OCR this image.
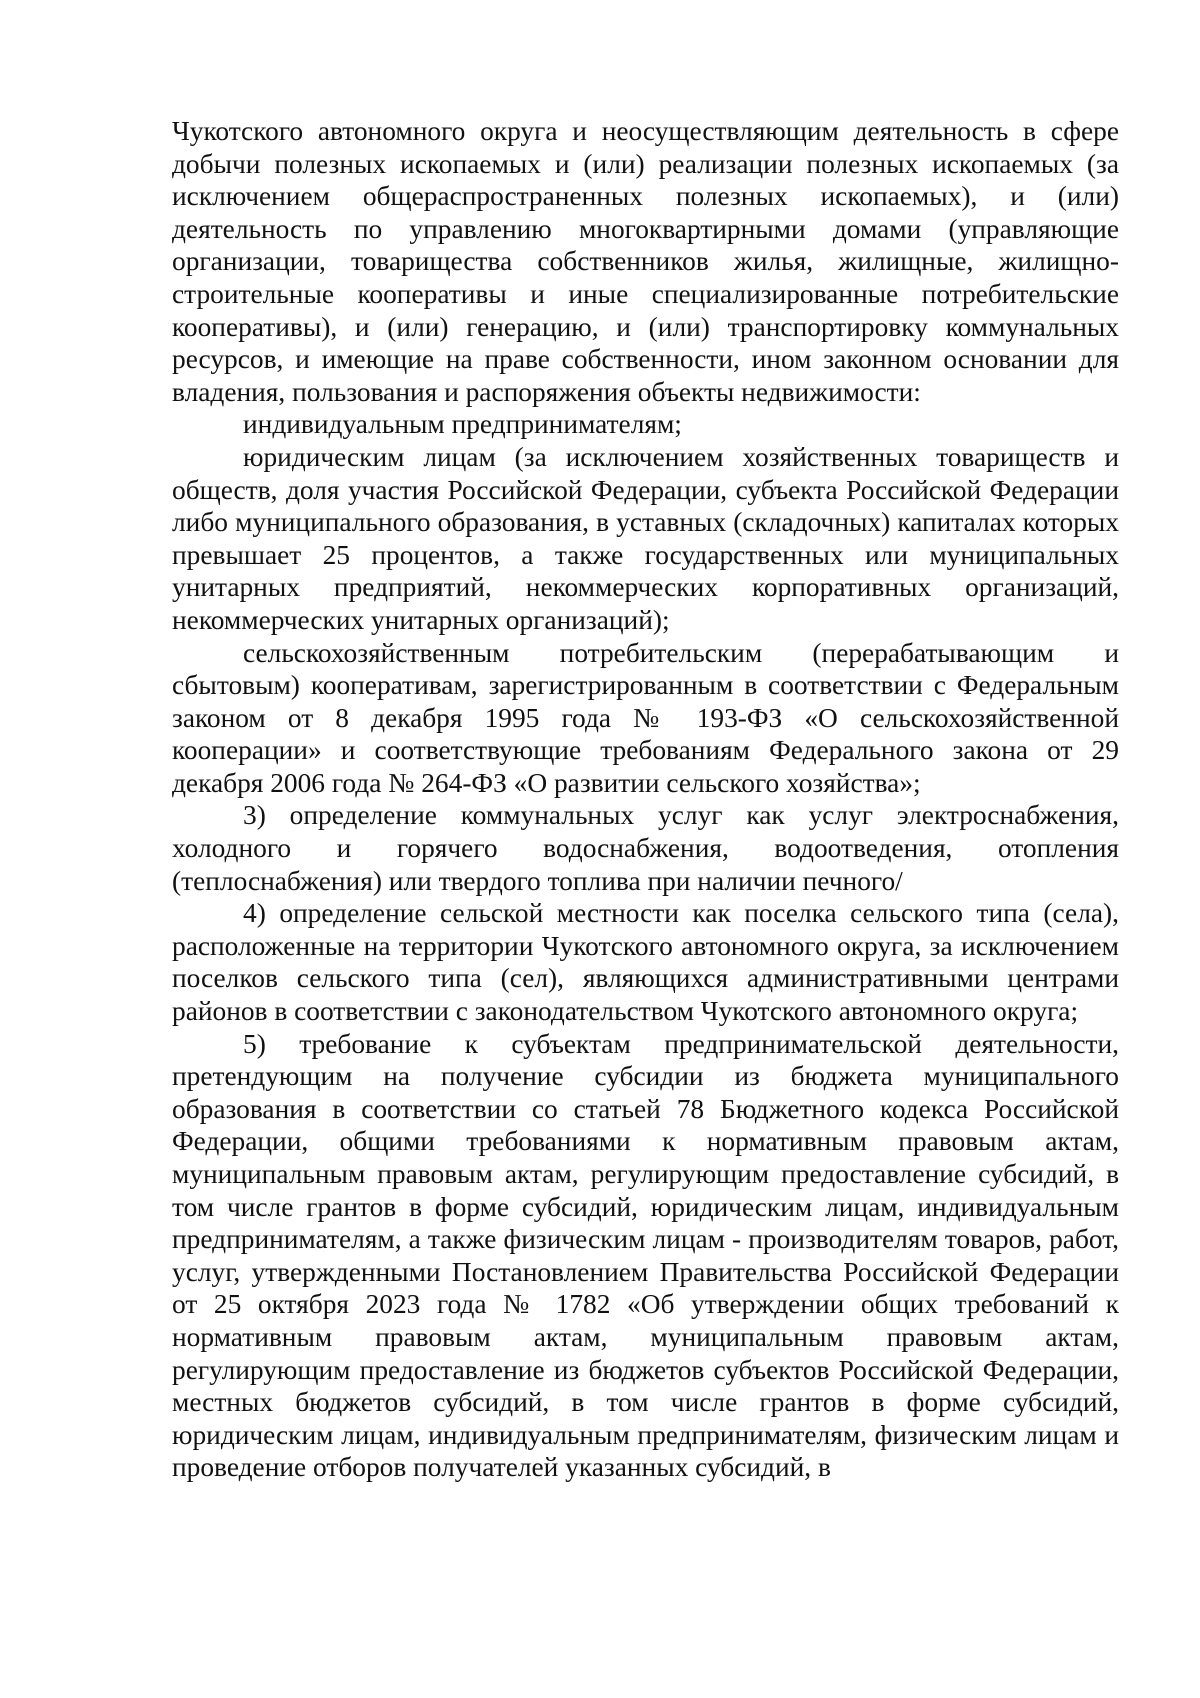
Чукотского автономного округа и неосуществляющим деятельность в сфере добычи полезных ископаемых и (или) реализации полезных ископаемых (за исключением общераспространенных полезных ископаемых), и (или) деятельность по управлению многоквартирными домами (управляющие организации, товарищества собственников жилья, жилищные, жилищно-строительные кооперативы и иные специализированные потребительские кооперативы), и (или) генерацию, и (или) транспортировку коммунальных ресурсов, и имеющие на праве собственности, ином законном основании для владения, пользования и распоряжения объекты недвижимости:

индивидуальным предпринимателям;

юридическим лицам (за исключением хозяйственных товариществ и обществ, доля участия Российской Федерации, субъекта Российской Федерации либо муниципального образования, в уставных (складочных) капиталах которых превышает 25 процентов, а также государственных или муниципальных унитарных предприятий, некоммерческих корпоративных организаций, некоммерческих унитарных организаций);

сельскохозяйственным потребительским (перерабатывающим и сбытовым) кооперативам, зарегистрированным в соответствии с Федеральным законом от 8 декабря 1995 года № 193-ФЗ «О сельскохозяйственной кооперации» и соответствующие требованиям Федерального закона от 29 декабря 2006 года № 264-ФЗ «О развитии сельского хозяйства»;

3) определение коммунальных услуг как услуг электроснабжения, холодного и горячего водоснабжения, водоотведения, отопления (теплоснабжения) или твердого топлива при наличии печного/

4) определение сельской местности как поселка сельского типа (села), расположенные на территории Чукотского автономного округа, за исключением поселков сельского типа (сел), являющихся административными центрами районов в соответствии с законодательством Чукотского автономного округа;

5) требование к субъектам предпринимательской деятельности, претендующим на получение субсидии из бюджета муниципального образования в соответствии со статьей 78 Бюджетного кодекса Российской Федерации, общими требованиями к нормативным правовым актам, муниципальным правовым актам, регулирующим предоставление субсидий, в том числе грантов в форме субсидий, юридическим лицам, индивидуальным предпринимателям, а также физическим лицам - производителям товаров, работ, услуг, утвержденными Постановлением Правительства Российской Федерации от 25 октября 2023 года № 1782 «Об утверждении общих требований к нормативным правовым актам, муниципальным правовым актам, регулирующим предоставление из бюджетов субъектов Российской Федерации, местных бюджетов субсидий, в том числе грантов в форме субсидий, юридическим лицам, индивидуальным предпринимателям, физическим лицам и проведение отборов получателей указанных субсидий, в
